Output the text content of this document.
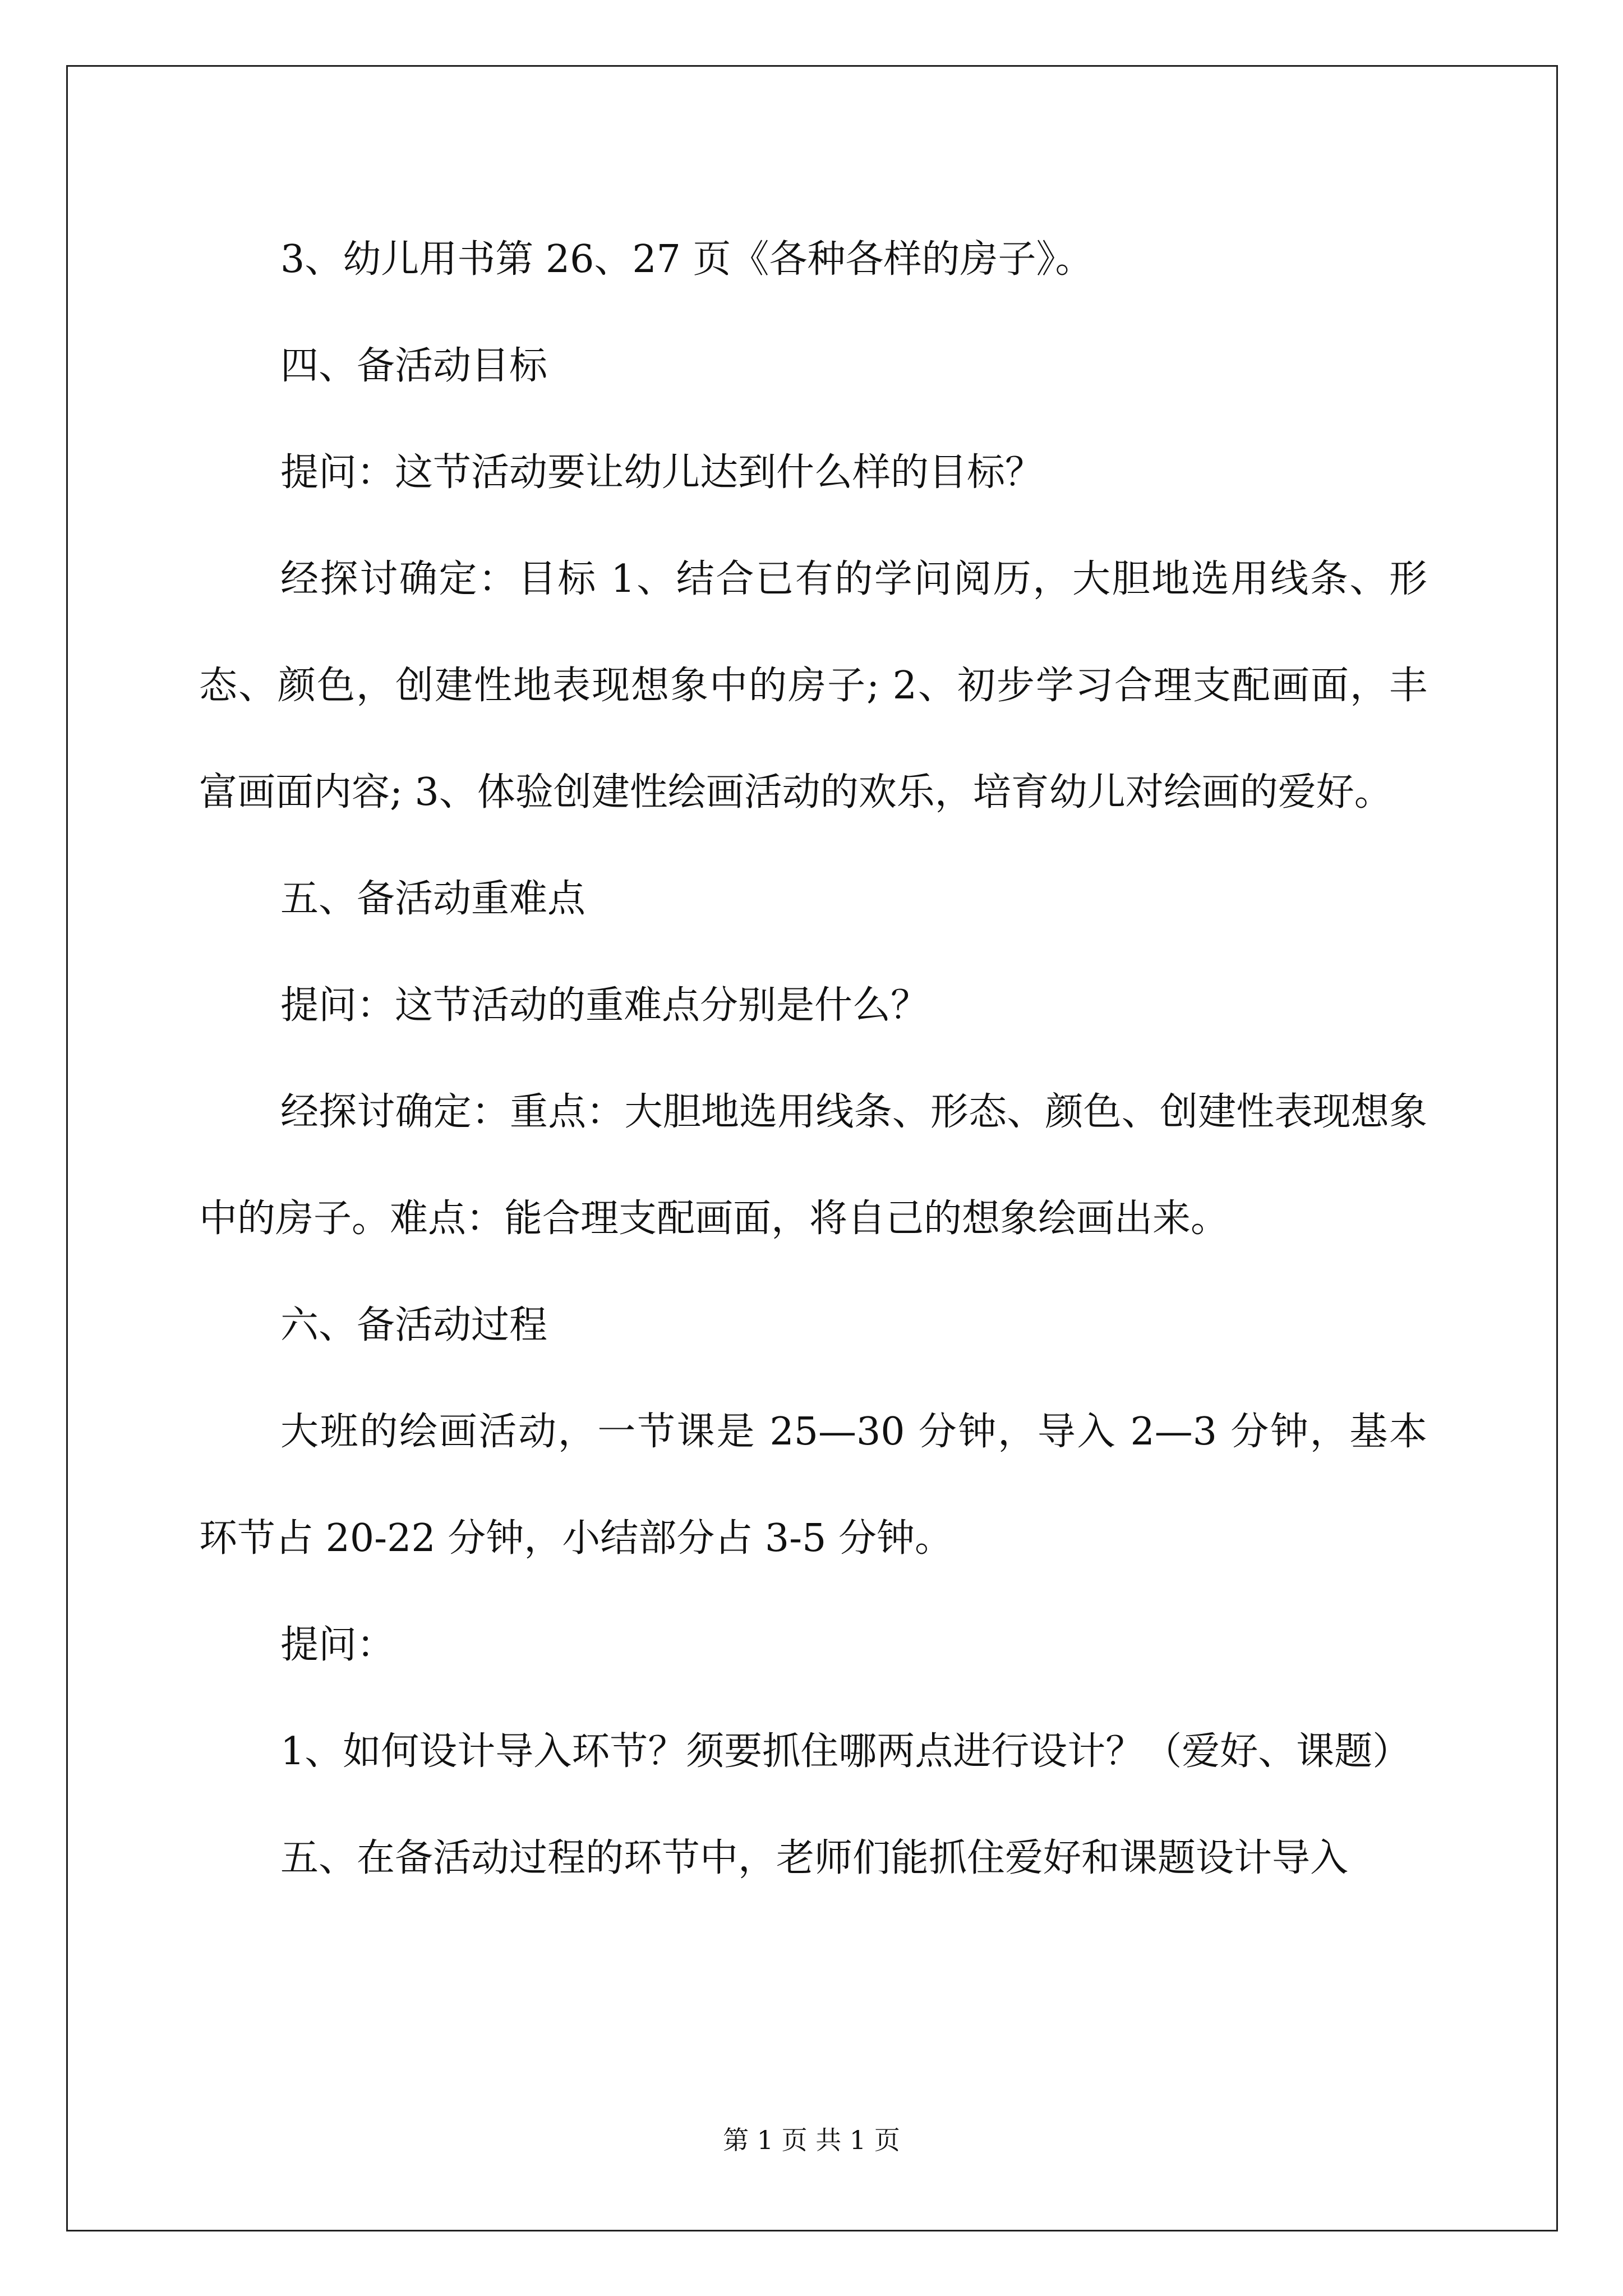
3、幼儿用书第 26、27 页《各种各样的房子》。

四、备活动目标

提问：这节活动要让幼儿达到什么样的目标？

经探讨确定：目标 1、结合已有的学问阅历，大胆地选用线条、形态、颜色，创建性地表现想象中的房子; 2、初步学习合理支配画面，丰富画面内容; 3、体验创建性绘画活动的欢乐，培育幼儿对绘画的爱好。

五、备活动重难点

提问：这节活动的重难点分别是什么？

经探讨确定：重点：大胆地选用线条、形态、颜色、创建性表现想象中的房子。难点：能合理支配画面，将自己的想象绘画出来。

六、备活动过程

大班的绘画活动，一节课是 25—30 分钟，导入 2—3 分钟，基本环节占 20-22 分钟，小结部分占 3-5 分钟。

提问：

1、如何设计导入环节？须要抓住哪两点进行设计？（爱好、课题）

五、在备活动过程的环节中，老师们能抓住爱好和课题设计导入

第 1 页 共 1 页
